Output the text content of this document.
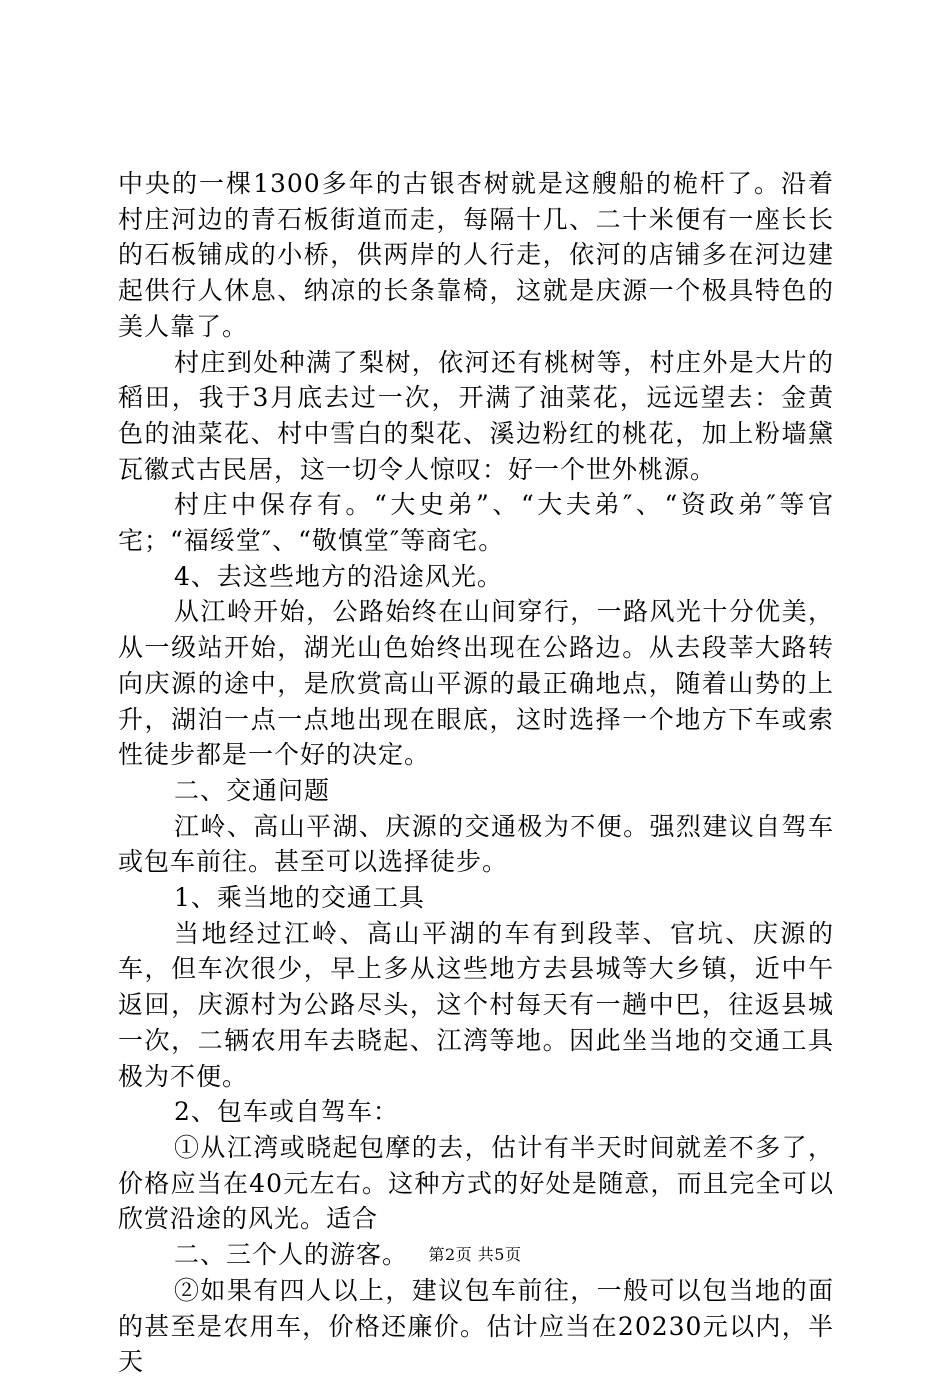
中央的一棵1300多年的古银杏树就是这艘船的桅杆了。沿着村庄河边的青石板街道而走，每隔十几、二十米便有一座长长的石板铺成的小桥，供两岸的人行走，依河的店铺多在河边建起供行人休息、纳凉的长条靠椅，这就是庆源一个极具特色的美人靠了。

村庄到处种满了梨树，依河还有桃树等，村庄外是大片的稻田，我于3月底去过一次，开满了油菜花，远远望去：金黄色的油菜花、村中雪白的梨花、溪边粉红的桃花，加上粉墙黛瓦徽式古民居，这一切令人惊叹：好一个世外桃源。

村庄中保存有。“大史弟”、“大夫弟″、“资政弟″等官宅；“福绥堂″、“敬慎堂″等商宅。

4、去这些地方的沿途风光。

从江岭开始，公路始终在山间穿行，一路风光十分优美，从一级站开始，湖光山色始终出现在公路边。从去段莘大路转向庆源的途中，是欣赏高山平源的最正确地点，随着山势的上升，湖泊一点一点地出现在眼底，这时选择一个地方下车或索性徒步都是一个好的决定。

二、交通问题

江岭、高山平湖、庆源的交通极为不便。强烈建议自驾车或包车前往。甚至可以选择徒步。

1、乘当地的交通工具

当地经过江岭、高山平湖的车有到段莘、官坑、庆源的车，但车次很少，早上多从这些地方去县城等大乡镇，近中午返回，庆源村为公路尽头，这个村每天有一趟中巴，往返县城一次，二辆农用车去晓起、江湾等地。因此坐当地的交通工具极为不便。

2、包车或自驾车：

①从江湾或晓起包摩的去，估计有半天时间就差不多了，价格应当在40元左右。这种方式的好处是随意，而且完全可以欣赏沿途的风光。适合

二、三个人的游客。

②如果有四人以上，建议包车前往，一般可以包当地的面的甚至是农用车，价格还廉价。估计应当在20230元以内，半天

第2页 共5页
